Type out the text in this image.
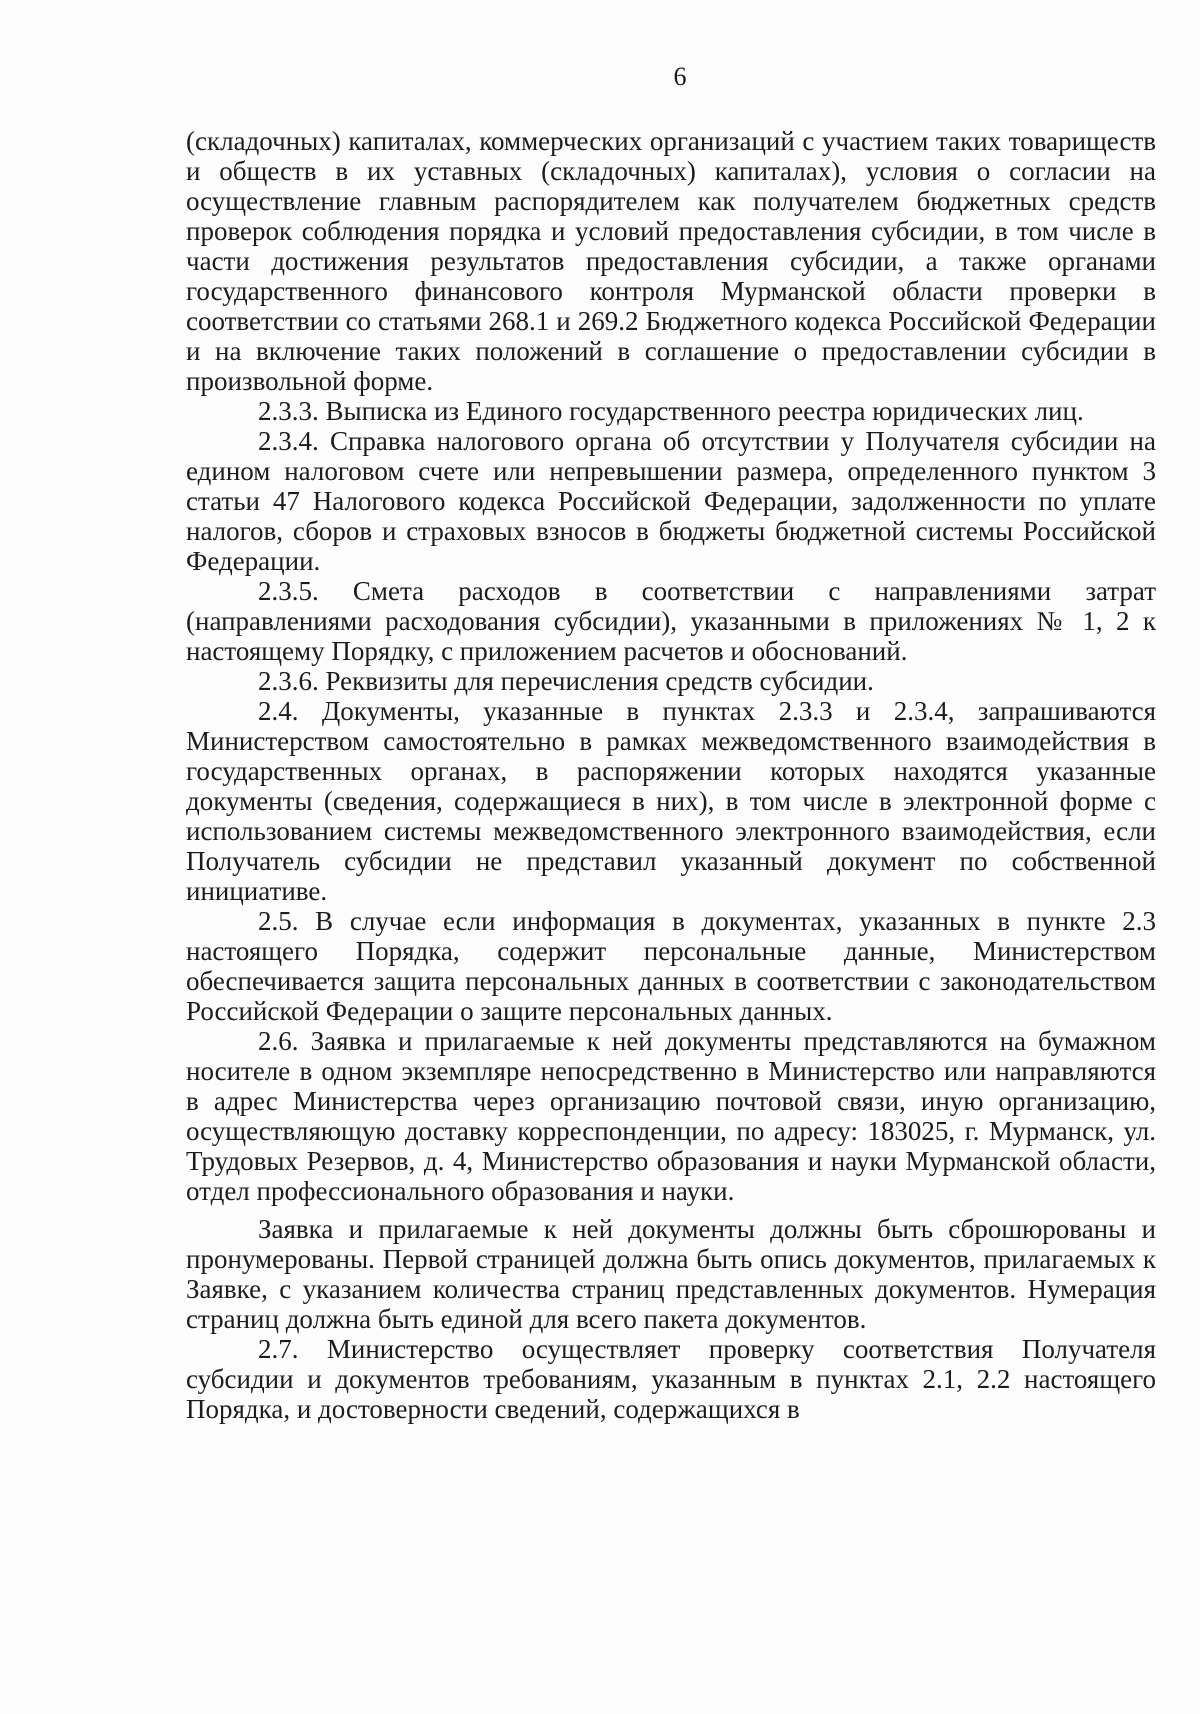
6

(складочных) капиталах, коммерческих организаций с участием таких товариществ и обществ в их уставных (складочных) капиталах), условия о согласии на осуществление главным распорядителем как получателем бюджетных средств проверок соблюдения порядка и условий предоставления субсидии, в том числе в части достижения результатов предоставления субсидии, а также органами государственного финансового контроля Мурманской области проверки в соответствии со статьями 268.1 и 269.2 Бюджетного кодекса Российской Федерации и на включение таких положений в соглашение о предоставлении субсидии в произвольной форме.

2.3.3. Выписка из Единого государственного реестра юридических лиц.

2.3.4. Справка налогового органа об отсутствии у Получателя субсидии на едином налоговом счете или непревышении размера, определенного пунктом 3 статьи 47 Налогового кодекса Российской Федерации, задолженности по уплате налогов, сборов и страховых взносов в бюджеты бюджетной системы Российской Федерации.

2.3.5. Смета расходов в соответствии с направлениями затрат (направлениями расходования субсидии), указанными в приложениях № 1, 2 к настоящему Порядку, с приложением расчетов и обоснований.

2.3.6. Реквизиты для перечисления средств субсидии.

2.4. Документы, указанные в пунктах 2.3.3 и 2.3.4, запрашиваются Министерством самостоятельно в рамках межведомственного взаимодействия в государственных органах, в распоряжении которых находятся указанные документы (сведения, содержащиеся в них), в том числе в электронной форме с использованием системы межведомственного электронного взаимодействия, если Получатель субсидии не представил указанный документ по собственной инициативе.

2.5. В случае если информация в документах, указанных в пункте 2.3 настоящего Порядка, содержит персональные данные, Министерством обеспечивается защита персональных данных в соответствии с законодательством Российской Федерации о защите персональных данных.

2.6. Заявка и прилагаемые к ней документы представляются на бумажном носителе в одном экземпляре непосредственно в Министерство или направляются в адрес Министерства через организацию почтовой связи, иную организацию, осуществляющую доставку корреспонденции, по адресу: 183025, г. Мурманск, ул. Трудовых Резервов, д. 4, Министерство образования и науки Мурманской области, отдел профессионального образования и науки.

Заявка и прилагаемые к ней документы должны быть сброшюрованы и пронумерованы. Первой страницей должна быть опись документов, прилагаемых к Заявке, с указанием количества страниц представленных документов. Нумерация страниц должна быть единой для всего пакета документов.

2.7. Министерство осуществляет проверку соответствия Получателя субсидии и документов требованиям, указанным в пунктах 2.1, 2.2 настоящего Порядка, и достоверности сведений, содержащихся в
